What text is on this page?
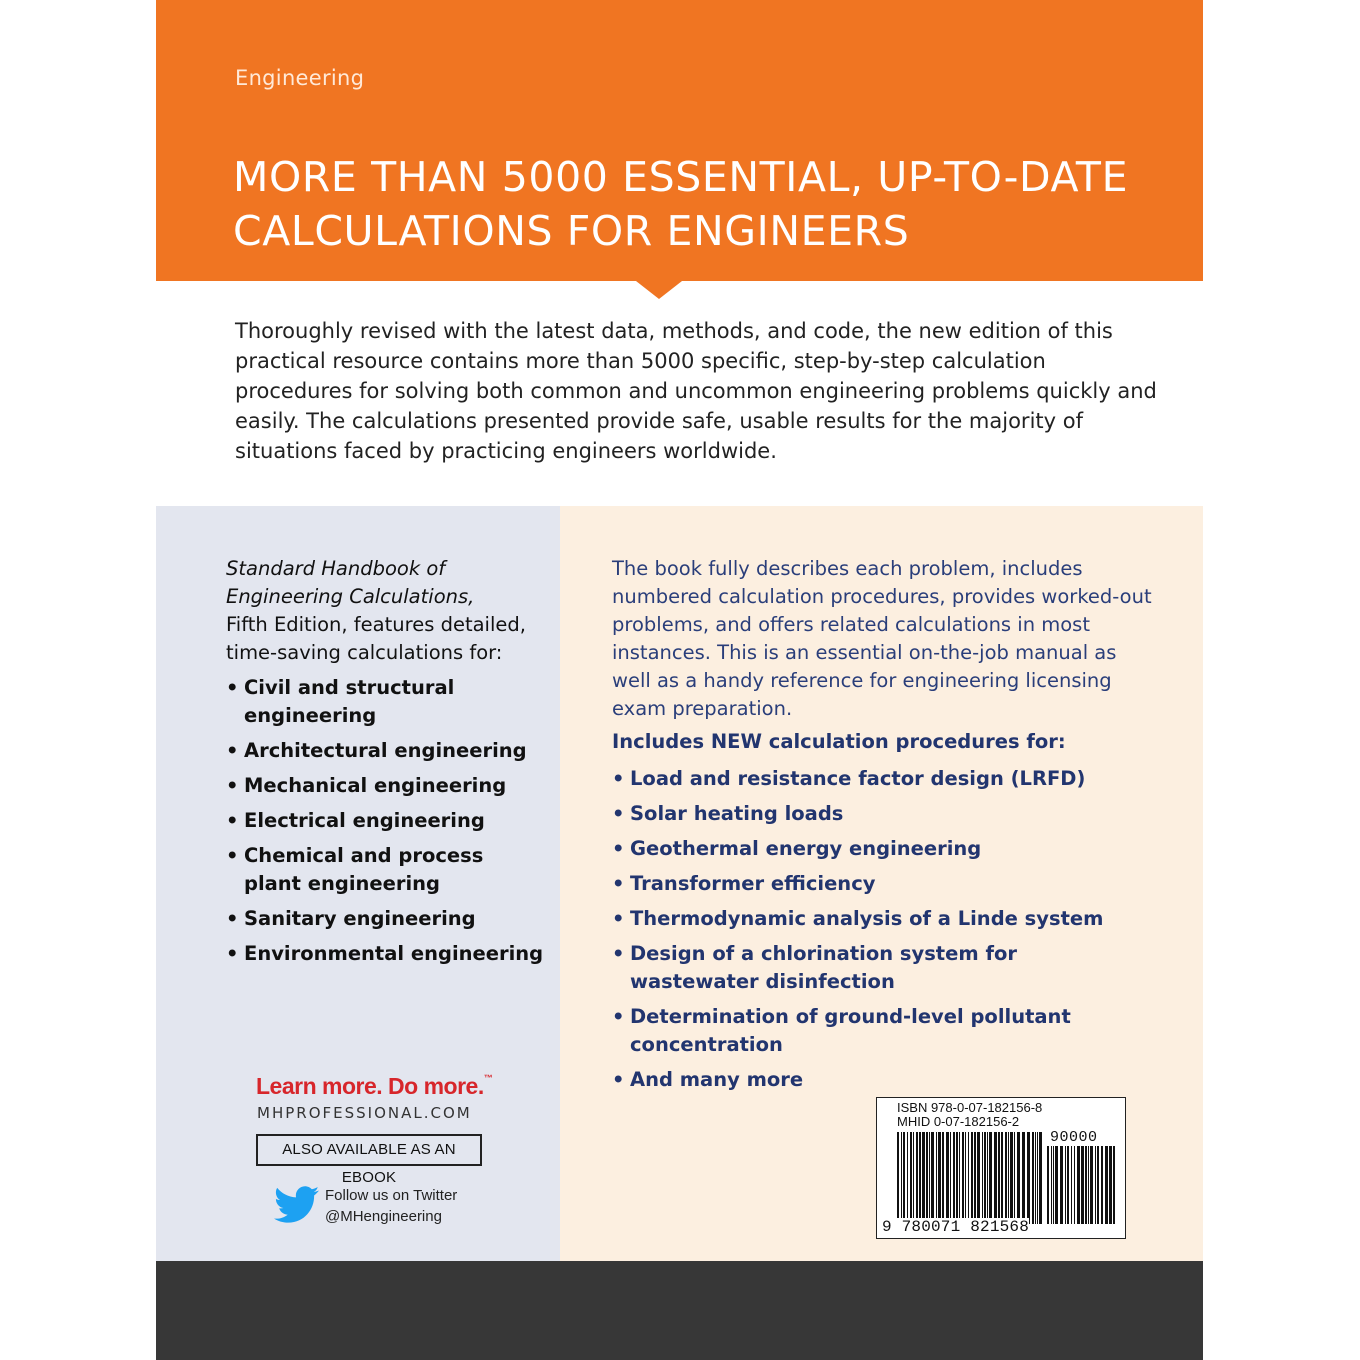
Engineering

MORE THAN 5000 ESSENTIAL, UP-TO-DATE
CALCULATIONS FOR ENGINEERS

Thoroughly revised with the latest data, methods, and code, the new edition of this practical resource contains more than 5000 specific, step-by-step calculation procedures for solving both common and uncommon engineering problems quickly and easily. The calculations presented provide safe, usable results for the majority of situations faced by practicing engineers worldwide.

Standard Handbook of
Engineering Calculations,
Fifth Edition, features detailed, time-saving calculations for:

• Civil and structural engineering
• Architectural engineering
• Mechanical engineering
• Electrical engineering
• Chemical and process plant engineering
• Sanitary engineering
• Environmental engineering

Learn more. Do more.™

MHPROFESSIONAL.COM

ALSO AVAILABLE AS AN EBOOK

Follow us on Twitter
@MHengineering

The book fully describes each problem, includes numbered calculation procedures, provides worked-out problems, and offers related calculations in most instances. This is an essential on-the-job manual as well as a handy reference for engineering licensing exam preparation.

Includes NEW calculation procedures for:

• Load and resistance factor design (LRFD)
• Solar heating loads
• Geothermal energy engineering
• Transformer efficiency
• Thermodynamic analysis of a Linde system
• Design of a chlorination system for wastewater disinfection
• Determination of ground-level pollutant concentration
• And many more

ISBN 978-0-07-182156-8
MHID 0-07-182156-2

90000

9 780071 821568
